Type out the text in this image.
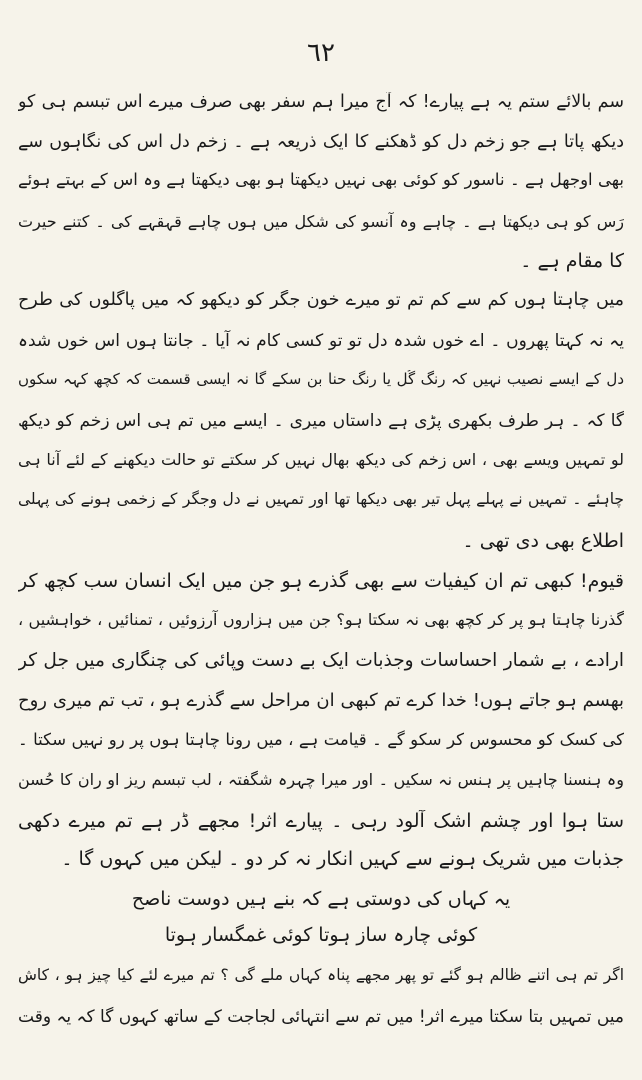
٦٢
سمِ بالائے ستم یہ ہے پیارے! کہ آج میرا ہم سفر بھی صرف میرے اس تبسم ہی کو
دیکھ پاتا ہے جو زخم دل کو ڈھکنے کا ایک ذریعہ ہے ۔ زخمِ دل اس کی نگاہوں سے
بھی اوجھل ہے ۔ ناسور کو کوئی بھی نہیں دیکھتا ہو بھی دیکھتا ہے وہ اس کے بہتے ہوئے
رَس کو ہی دیکھتا ہے ۔ چاہے وہ آنسو کی شکل میں ہوں چاہے قہقہے کی ۔ کتنے حیرت
کا مقام ہے ۔
میں چاہتا ہوں کم سے کم تم تو میرے خون جگر کو دیکھو کہ میں پاگلوں کی طرح
یہ نہ کہتا پھروں ۔ اے خوں شدہ دل تو تو کسی کام نہ آیا ۔ جانتا ہوں اس خوں شدہ
دل کے ایسے نصیب نہیں کہ رنگ گُل یا رنگ حنا بن سکے گا نہ ایسی قسمت کہ کچھ کہہ سکوں
گا کہ ۔ ہر طرف بکھری پڑی ہے داستاں میری ۔ ایسے میں تم ہی اس زخم کو دیکھ
لو تمہیں ویسے بھی ، اس زخم کی دیکھ بھال نہیں کر سکتے تو حالت دیکھنے کے لئے آنا ہی
چاہئے ۔ تمہیں نے پہلے پہل تیر بھی دیکھا تھا اور تمہیں نے دل وجگر کے زخمی ہونے کی پہلی
اطلاع بھی دی تھی ۔
قیوم! کبھی تم ان کیفیات سے بھی گذرے ہو جن میں ایک انسان سب کچھ کر
گذرنا چاہتا ہو پر کر کچھ بھی نہ سکتا ہو؟ جن میں ہزاروں آرزوئیں ، تمنائیں ، خواہشیں ،
ارادے ، بے شمار احساسات وجذبات ایک بے دست وپائی کی چنگاری میں جل کر
بھسم ہو جاتے ہوں! خدا کرے تم کبھی ان مراحل سے گذرے ہو ، تب تم میری روح
کی کسک کو محسوس کر سکو گے ۔ قیامت ہے ، میں رونا چاہتا ہوں پر رو نہیں سکتا ۔
وہ ہنسنا چاہیں پر ہنس نہ سکیں ۔ اور میرا چہرہ شگفتہ ، لب تبسم ریز او ران کا حُسن
ستا ہوا اور چشمِ اشک آلود رہی ۔ پیارے اثر! مجھے ڈر ہے تم میرے دکھی
جذبات میں شریک ہونے سے کہیں انکار نہ کر دو ۔ لیکن میں کہوں گا ۔
یہ کہاں کی دوستی ہے کہ بنے ہیں دوست ناصح
کوئی چارہ ساز ہوتا کوئی غمگسار ہوتا
اگر تم ہی اتنے ظالم ہو گئے تو پھر مجھے پناہ کہاں ملے گی ؟ تم میرے لئے کیا چیز ہو ، کاش
میں تمہیں بتا سکتا میرے اثر! میں تم سے انتہائی لجاجت کے ساتھ کہوں گا کہ یہ وقت
